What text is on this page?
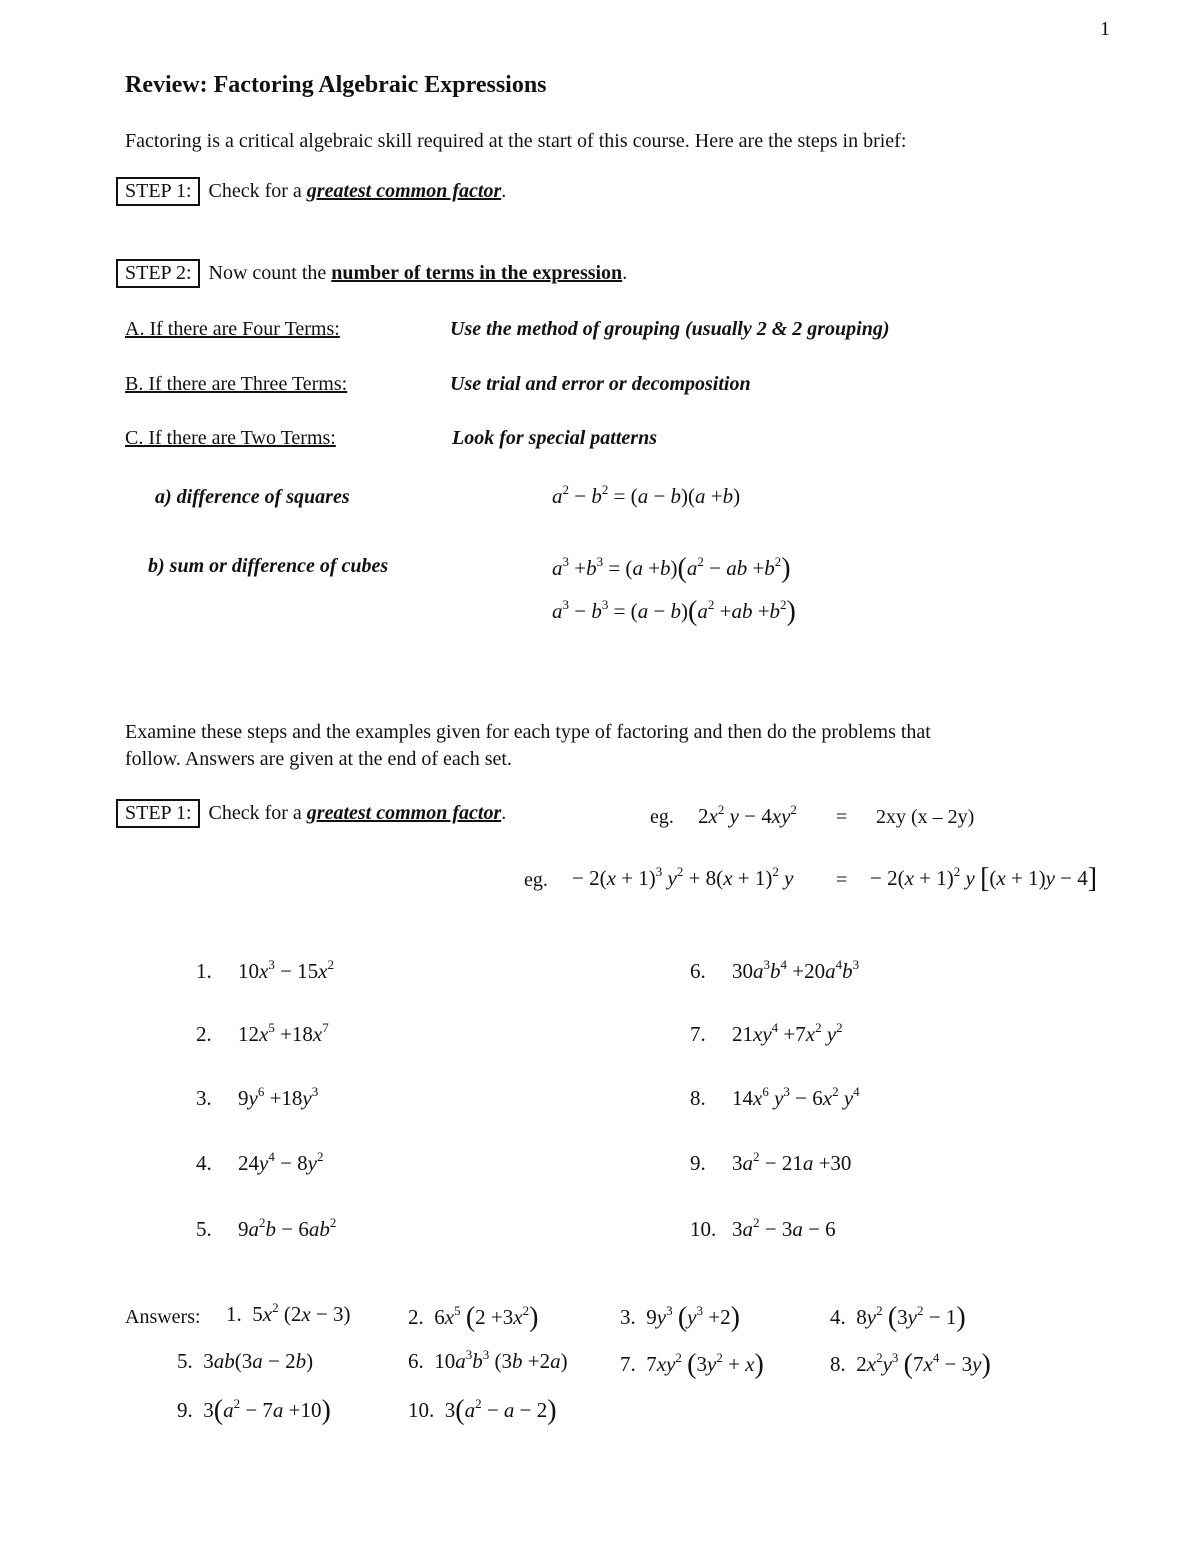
1
Review: Factoring Algebraic Expressions
Factoring is a critical algebraic skill required at the start of this course. Here are the steps in brief:
STEP 1: Check for a greatest common factor.
STEP 2: Now count the number of terms in the expression.
A. If there are Four Terms:	Use the method of grouping (usually 2 & 2 grouping)
B. If there are Three Terms:	Use trial and error or decomposition
C. If there are Two Terms:	Look for special patterns
a) difference of squares	$a^2 - b^2 = (a - b)(a +b)$
b) sum or difference of cubes	$a^3 +b^3 = (a +b)(a^2$ − ab $+b^2$)
$a^3 - b^3 = (a - b)(a^2 +ab +b^2)$
Examine these steps and the examples given for each type of factoring and then do the problems that
follow. Answers are given at the end of each set.
STEP 1: Check for a greatest common factor.	eg. $2x^2$ $y - 4xy^2 = 2xy$ (x – 2y)
eg. − $2(x + 1)^3$ $y^2 + 8(x + 1)^2$ y = − $2(x + 1)^2$ y [(x + 1)y − 4]
1. $10x^3 - 15x^2$
2. $12x^5 +18x^7$
3. $9y^6 +18y^3$
4. $24y^4 - 8y^2$
5. $9a^2b - 6ab^2$
6. $30a^3b^4 +20a^4b^3$
7. $21xy^4 +7x^2$ $y^2$
8. $14x^6$ $y^3 - 6x^2$ $y^4$
9. $3a^2 - 21a +30$
10. $3a^2 - 3a - 6$
Answers: 1.  $5x^2$ (2x − 3)	2.  $6x^5$ $(2 +3x^2)$	3.  $9y^3$ $(y^3 +2)$	4.  $8y^2$ $(3y^2 - 1)$
5.  3ab(3a − 2b)	6.  $10a^3b^3$ (3b +2a) 7.  $7xy^2$ $(3y^2 + x)$	8.  $2x^2y^3$ $(7x^4 - 3y)$
9.  $3(a^2 - 7a +10)$	10.  $3(a^2 - a - 2)$
